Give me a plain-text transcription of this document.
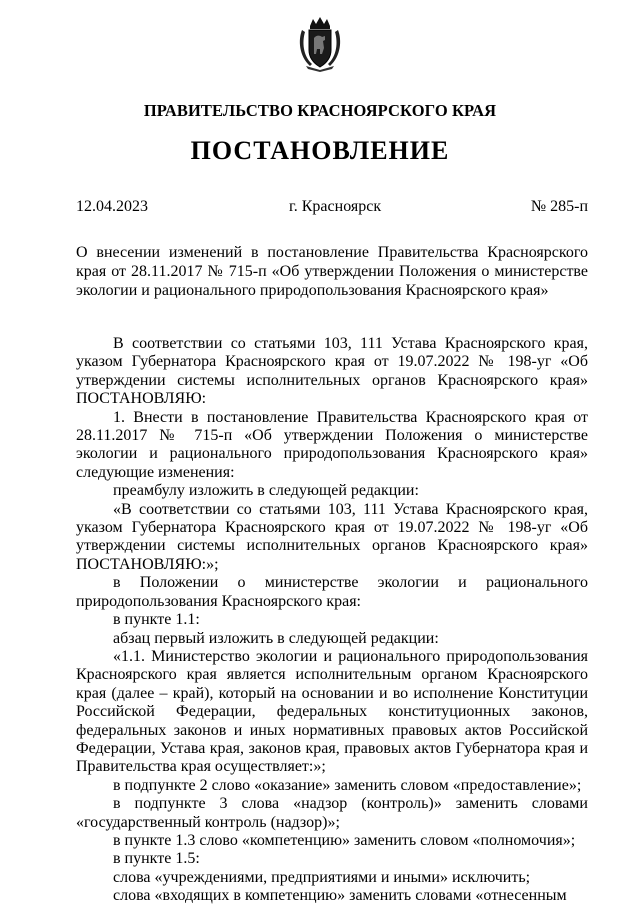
ПРАВИТЕЛЬСТВО КРАСНОЯРСКОГО КРАЯ
ПОСТАНОВЛЕНИЕ
12.04.2023	г. Красноярск	№ 285-п
О внесении изменений в постановление Правительства Красноярского края от 28.11.2017 № 715-п «Об утверждении Положения о министерстве экологии и рационального природопользования Красноярского края»

В соответствии со статьями 103, 111 Устава Красноярского края, указом Губернатора Красноярского края от 19.07.2022 № 198-уг «Об утверждении системы исполнительных органов Красноярского края» ПОСТАНОВЛЯЮ:

1. Внести в постановление Правительства Красноярского края от 28.11.2017 № 715-п «Об утверждении Положения о министерстве экологии и рационального природопользования Красноярского края» следующие изменения:

преамбулу изложить в следующей редакции:

«В соответствии со статьями 103, 111 Устава Красноярского края, указом Губернатора Красноярского края от 19.07.2022 № 198-уг «Об утверждении системы исполнительных органов Красноярского края» ПОСТАНОВЛЯЮ:»;

в Положении о министерстве экологии и рационального природопользования Красноярского края:

в пункте 1.1:

абзац первый изложить в следующей редакции:

«1.1. Министерство экологии и рационального природопользования Красноярского края является исполнительным органом Красноярского края (далее – край), который на основании и во исполнение Конституции Российской Федерации, федеральных конституционных законов, федеральных законов и иных нормативных правовых актов Российской Федерации, Устава края, законов края, правовых актов Губернатора края и Правительства края осуществляет:»;

в подпункте 2 слово «оказание» заменить словом «предоставление»;

в подпункте 3 слова «надзор (контроль)» заменить словами «государственный контроль (надзор)»;

в пункте 1.3 слово «компетенцию» заменить словом «полномочия»;

в пункте 1.5:

слова «учреждениями, предприятиями и иными» исключить;

слова «входящих в компетенцию» заменить словами «отнесенным
